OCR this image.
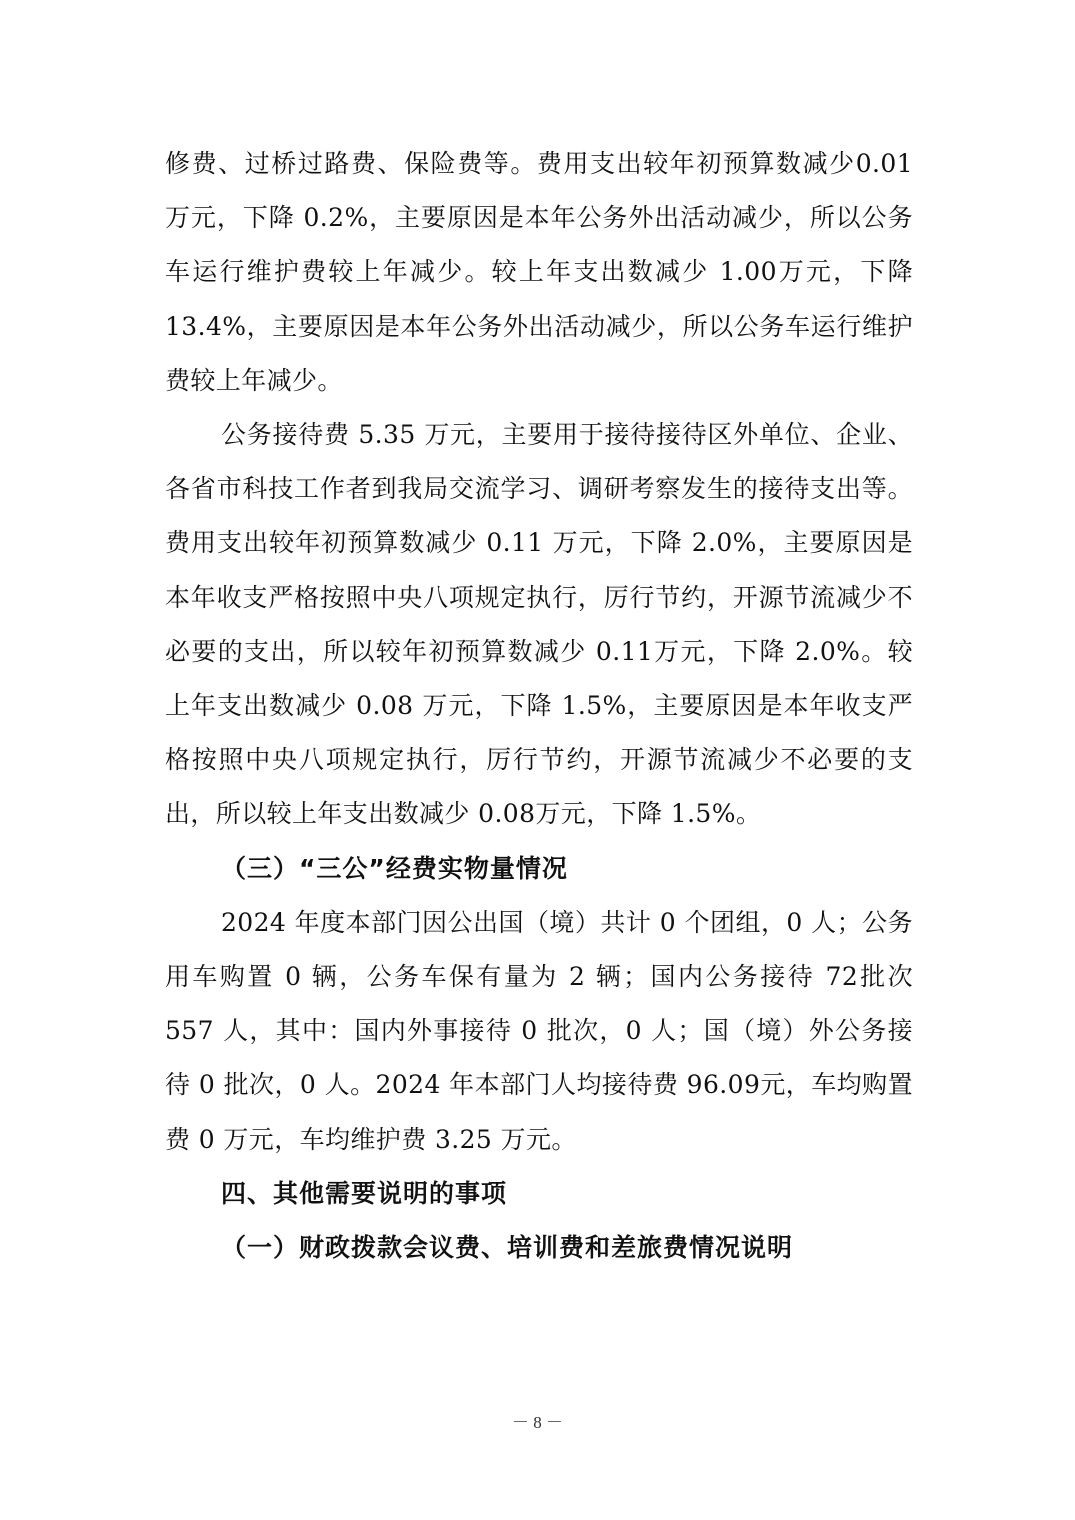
修费、过桥过路费、保险费等。费用支出较年初预算数减少0.01 万元，下降 0.2%，主要原因是本年公务外出活动减少，所以公务车运行维护费较上年减少。较上年支出数减少 1.00万元，下降 13.4%，主要原因是本年公务外出活动减少，所以公务车运行维护费较上年减少。

公务接待费 5.35 万元，主要用于接待接待区外单位、企业、各省市科技工作者到我局交流学习、调研考察发生的接待支出等。费用支出较年初预算数减少 0.11 万元，下降 2.0%，主要原因是本年收支严格按照中央八项规定执行，厉行节约，开源节流减少不必要的支出，所以较年初预算数减少 0.11万元，下降 2.0%。较上年支出数减少 0.08 万元，下降 1.5%，主要原因是本年收支严格按照中央八项规定执行，厉行节约，开源节流减少不必要的支出，所以较上年支出数减少 0.08万元，下降 1.5%。

（三）“三公”经费实物量情况

2024 年度本部门因公出国（境）共计 0 个团组，0 人；公务用车购置 0 辆，公务车保有量为 2 辆；国内公务接待 72批次 557 人，其中：国内外事接待 0 批次，0 人；国（境）外公务接待 0 批次，0 人。2024 年本部门人均接待费 96.09元，车均购置费 0 万元，车均维护费 3.25 万元。

四、其他需要说明的事项

（一）财政拨款会议费、培训费和差旅费情况说明

－ 8 －
